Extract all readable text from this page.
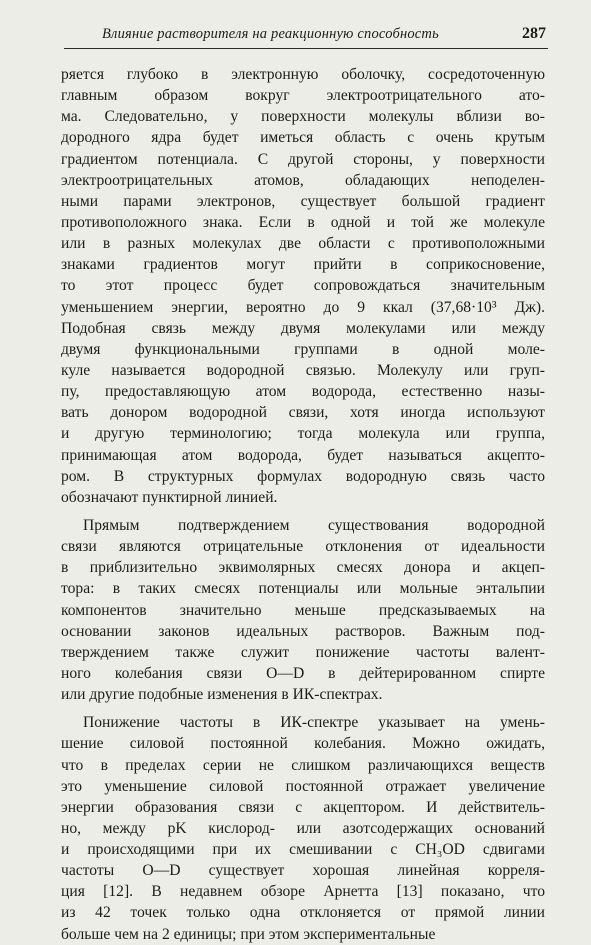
Влияние растворителя на реакционную способность	287
ряется глубоко в электронную оболочку, сосредоточенную
главным образом вокруг электроотрицательного ато-
ма. Следовательно, у поверхности молекулы вблизи во-
дородного ядра будет иметься область с очень крутым
градиентом потенциала. С другой стороны, у поверхности
электроотрицательных атомов, обладающих неподелен-
ными парами электронов, существует большой градиент
противоположного знака. Если в одной и той же молекуле
или в разных молекулах две области с противоположными
знаками градиентов могут прийти в соприкосновение,
то этот процесс будет сопровождаться значительным
уменьшением энергии, вероятно до 9 ккал (37,68·10³ Дж).
Подобная связь между двумя молекулами или между
двумя функциональными группами в одной моле-
куле называется водородной связью. Молекулу или груп-
пу, предоставляющую атом водорода, естественно назы-
вать донором водородной связи, хотя иногда используют
и другую терминологию; тогда молекула или группа,
принимающая атом водорода, будет называться акцепто-
ром. В структурных формулах водородную связь часто
обозначают пунктирной линией.
Прямым подтверждением существования водородной
связи являются отрицательные отклонения от идеальности
в приблизительно эквимолярных смесях донора и акцеп-
тора: в таких смесях потенциалы или мольные энтальпии
компонентов значительно меньше предсказываемых на
основании законов идеальных растворов. Важным под-
тверждением также служит понижение частоты валент-
ного колебания связи O—D в дейтерированном спирте
или другие подобные изменения в ИК-спектрах.
Понижение частоты в ИК-спектре указывает на умень-
шение силовой постоянной колебания. Можно ожидать,
что в пределах серии не слишком различающихся веществ
это уменьшение силовой постоянной отражает увеличение
энергии образования связи с акцептором. И действитель-
но, между pK кислород- или азотсодержащих оснований
и происходящими при их смешивании с CH₃OD сдвигами
частоты O—D существует хорошая линейная корреля-
ция [12]. В недавнем обзоре Арнетта [13] показано, что
из 42 точек только одна отклоняется от прямой линии
больше чем на 2 единицы; при этом экспериментальные
